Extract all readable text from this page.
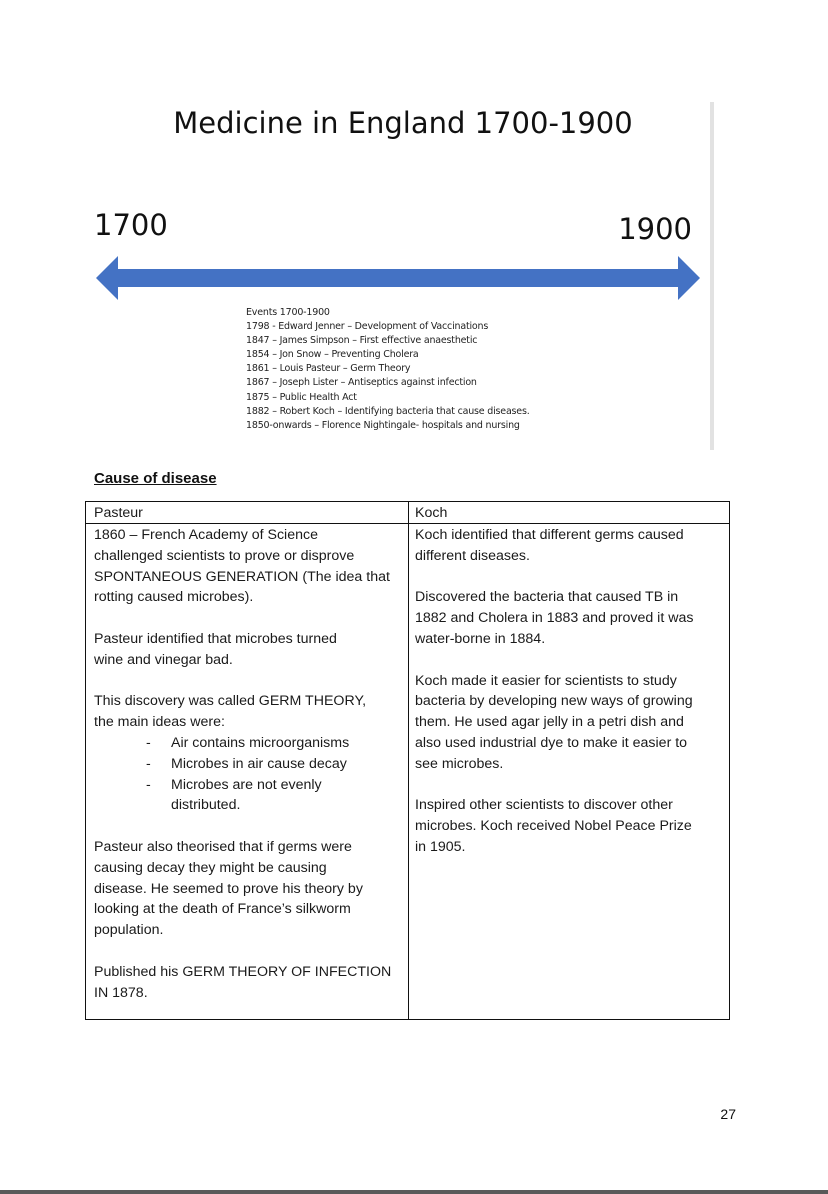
Medicine in England 1700-1900
1700	1900
Events 1700-1900
1798 - Edward Jenner – Development of Vaccinations
1847 – James Simpson – First effective anaesthetic
1854 – Jon Snow – Preventing Cholera
1861 – Louis Pasteur – Germ Theory
1867 – Joseph Lister – Antiseptics against infection
1875 – Public Health Act
1882 – Robert Koch – Identifying bacteria that cause diseases.
1850-onwards – Florence Nightingale- hospitals and nursing
Cause of disease
Pasteur	Koch

1860 – French Academy of Science

challenged scientists to prove or disprove

SPONTANEOUS GENERATION (The idea that

rotting caused microbes).

Pasteur identified that microbes turned

wine and vinegar bad.

This discovery was called GERM THEORY,

the main ideas were:

- Air contains microorganisms
- Microbes in air cause decay
- Microbes are not evenly
distributed.

Pasteur also theorised that if germs were

causing decay they might be causing

disease. He seemed to prove his theory by

looking at the death of France’s silkworm

population.

Published his GERM THEORY OF INFECTION

IN 1878.

Koch identified that different germs caused

different diseases.

Discovered the bacteria that caused TB in

1882 and Cholera in 1883 and proved it was

water-borne in 1884.

Koch made it easier for scientists to study

bacteria by developing new ways of growing

them. He used agar jelly in a petri dish and

also used industrial dye to make it easier to

see microbes.

Inspired other scientists to discover other

microbes. Koch received Nobel Peace Prize

in 1905.

27
